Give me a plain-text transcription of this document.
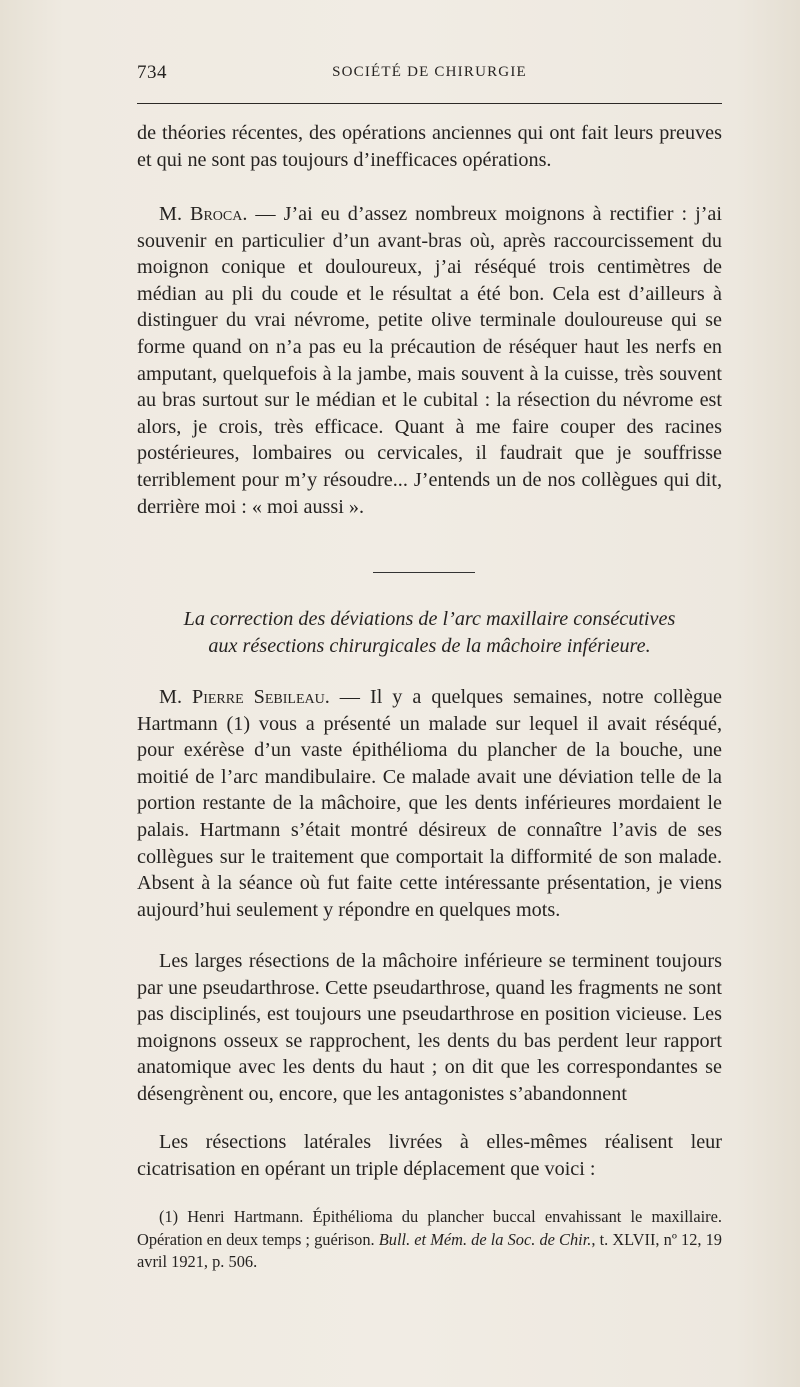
734	SOCIÉTÉ DE CHIRURGIE

de théories récentes, des opérations anciennes qui ont fait leurs preuves et qui ne sont pas toujours d’inefficaces opérations.

M. Broca. — J’ai eu d’assez nombreux moignons à rectifier : j’ai souvenir en particulier d’un avant-bras où, après raccourcissement du moignon conique et douloureux, j’ai réséqué trois centimètres de médian au pli du coude et le résultat a été bon. Cela est d’ailleurs à distinguer du vrai névrome, petite olive terminale douloureuse qui se forme quand on n’a pas eu la précaution de réséquer haut les nerfs en amputant, quelquefois à la jambe, mais souvent à la cuisse, très souvent au bras surtout sur le médian et le cubital : la résection du névrome est alors, je crois, très efficace. Quant à me faire couper des racines postérieures, lombaires ou cervicales, il faudrait que je souffrisse terriblement pour m’y résoudre... J’entends un de nos collègues qui dit, derrière moi : « moi aussi ».

La correction des déviations de l’arc maxillaire consécutives
aux résections chirurgicales de la mâchoire inférieure.

M. Pierre Sebileau. — Il y a quelques semaines, notre collègue Hartmann (1) vous a présenté un malade sur lequel il avait réséqué, pour exérèse d’un vaste épithélioma du plancher de la bouche, une moitié de l’arc mandibulaire. Ce malade avait une déviation telle de la portion restante de la mâchoire, que les dents inférieures mordaient le palais. Hartmann s’était montré désireux de connaître l’avis de ses collègues sur le traitement que comportait la difformité de son malade. Absent à la séance où fut faite cette intéressante présentation, je viens aujourd’hui seulement y répondre en quelques mots.

Les larges résections de la mâchoire inférieure se terminent toujours par une pseudarthrose. Cette pseudarthrose, quand les fragments ne sont pas disciplinés, est toujours une pseudarthrose en position vicieuse. Les moignons osseux se rapprochent, les dents du bas perdent leur rapport anatomique avec les dents du haut ; on dit que les correspondantes se désengrènent ou, encore, que les antagonistes s’abandonnent

Les résections latérales livrées à elles-mêmes réalisent leur cicatrisation en opérant un triple déplacement que voici :

(1) Henri Hartmann. Épithélioma du plancher buccal envahissant le maxillaire. Opération en deux temps ; guérison. Bull. et Mém. de la Soc. de Chir., t. XLVII, nº 12, 19 avril 1921, p. 506.
